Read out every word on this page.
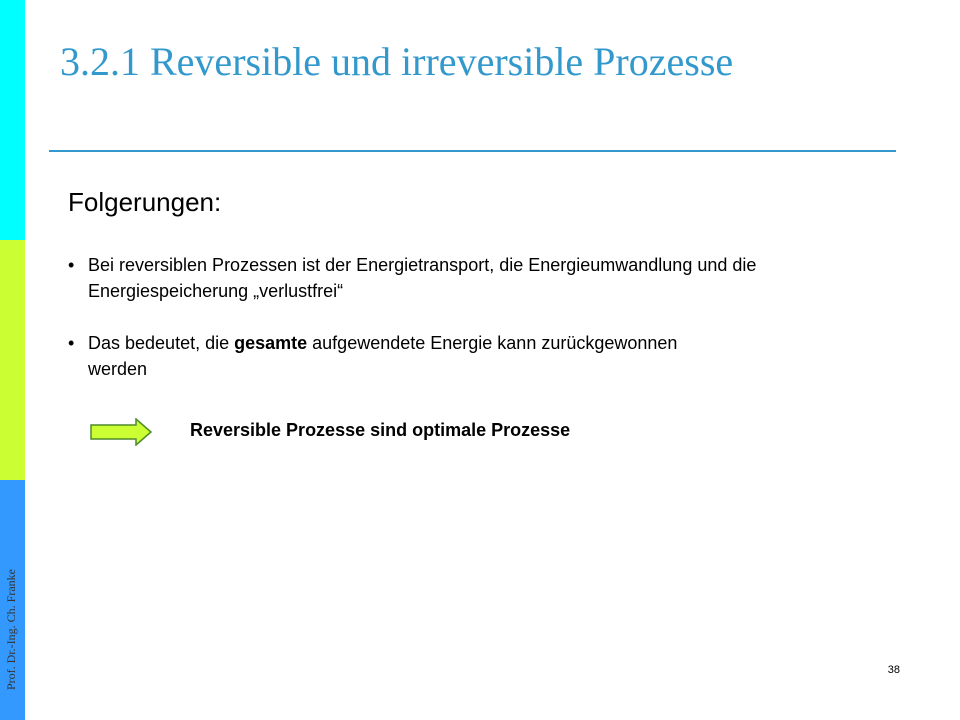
Prof. Dr.-Ing. Ch. Franke
3.2.1 Reversible und irreversible Prozesse
Folgerungen:
• Bei reversiblen Prozessen ist der Energietransport, die Energieumwandlung und die Energiespeicherung „verlustfrei“
• Das bedeutet, die gesamte aufgewendete Energie kann zurückgewonnen werden
Reversible Prozesse sind optimale Prozesse
38
